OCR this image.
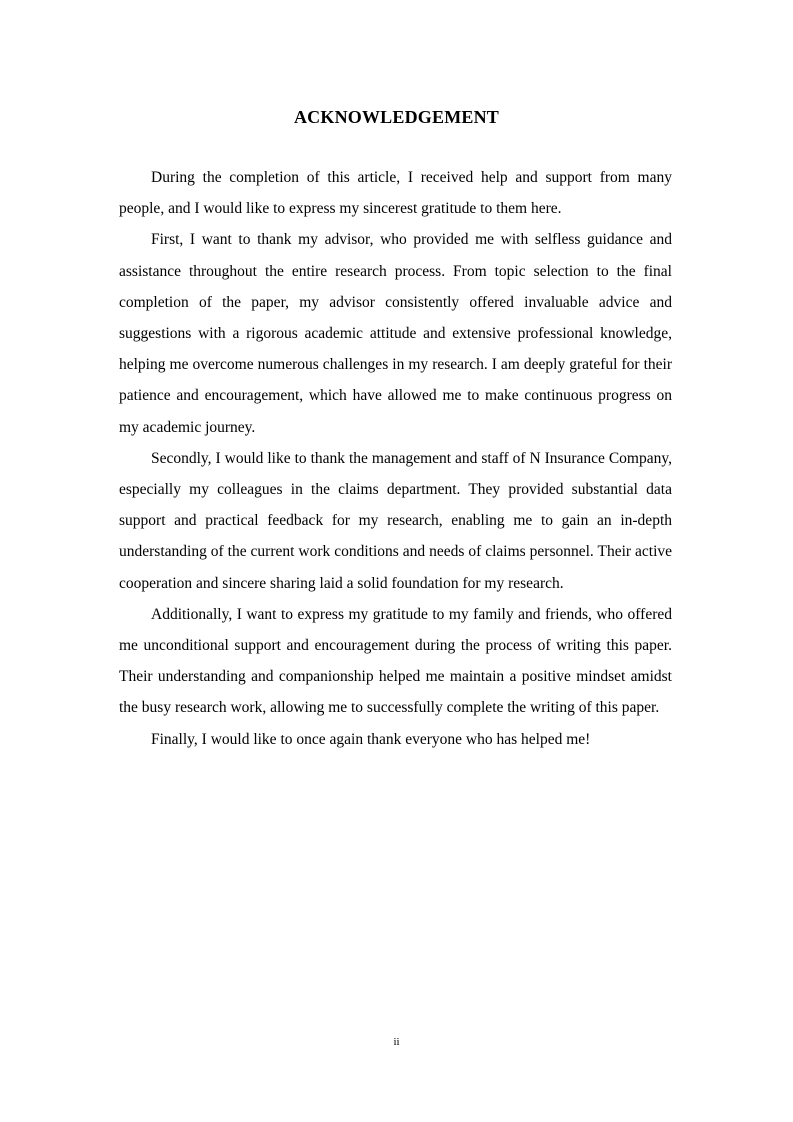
ACKNOWLEDGEMENT

During the completion of this article, I received help and support from many people, and I would like to express my sincerest gratitude to them here.

First, I want to thank my advisor, who provided me with selfless guidance and assistance throughout the entire research process. From topic selection to the final completion of the paper, my advisor consistently offered invaluable advice and suggestions with a rigorous academic attitude and extensive professional knowledge, helping me overcome numerous challenges in my research. I am deeply grateful for their patience and encouragement, which have allowed me to make continuous progress on my academic journey.

Secondly, I would like to thank the management and staff of N Insurance Company, especially my colleagues in the claims department. They provided substantial data support and practical feedback for my research, enabling me to gain an in-depth understanding of the current work conditions and needs of claims personnel. Their active cooperation and sincere sharing laid a solid foundation for my research.

Additionally, I want to express my gratitude to my family and friends, who offered me unconditional support and encouragement during the process of writing this paper. Their understanding and companionship helped me maintain a positive mindset amidst the busy research work, allowing me to successfully complete the writing of this paper.

Finally, I would like to once again thank everyone who has helped me!

ii
